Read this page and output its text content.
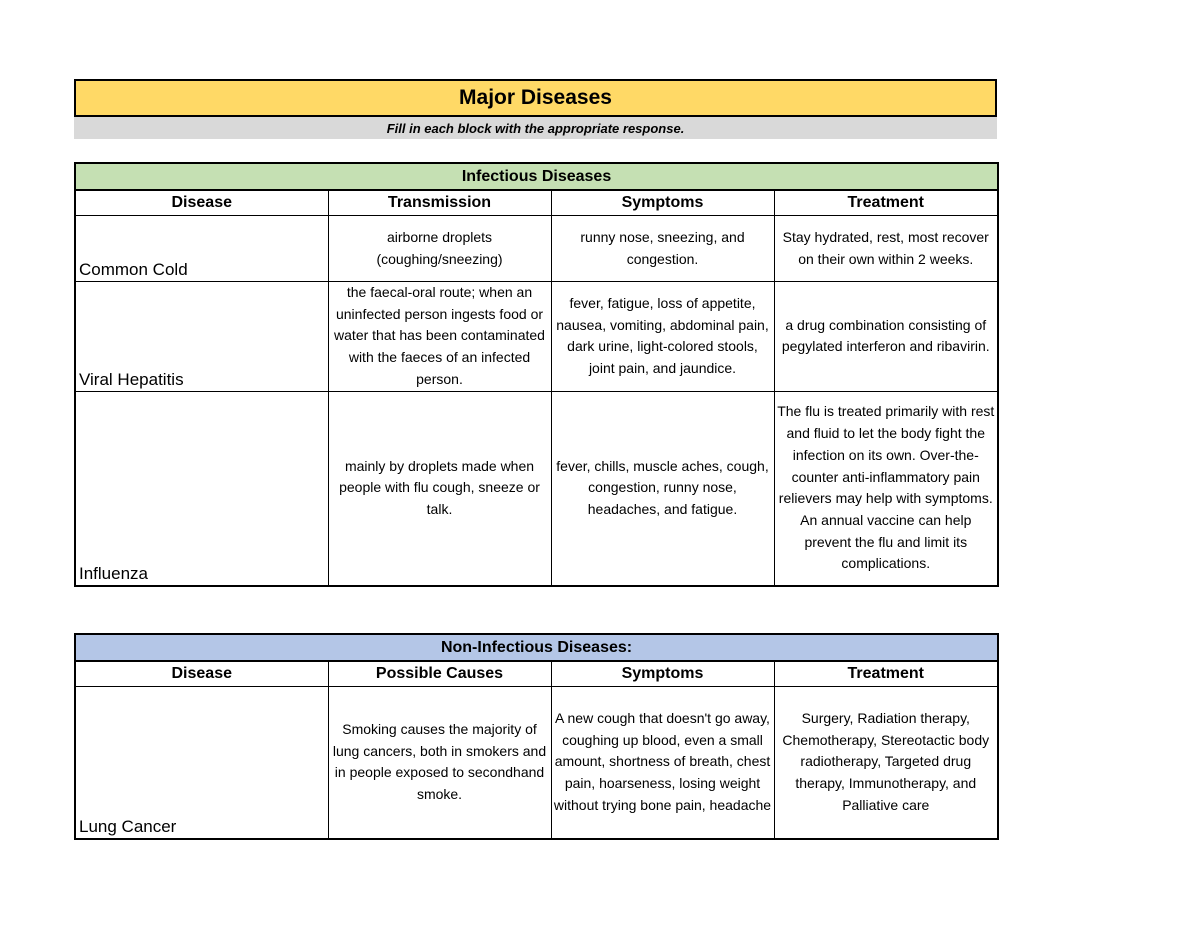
Major Diseases
Fill in each block with the appropriate response.
Infectious Diseases			
Disease	Transmission	Symptoms	Treatment
Common Cold	airborne droplets (coughing/sneezing)	runny nose, sneezing, and congestion.	Stay hydrated, rest, most recover on their own within 2 weeks.
Viral Hepatitis	the faecal-oral route; when an uninfected person ingests food or water that has been contaminated with the faeces of an infected person.	fever, fatigue, loss of appetite, nausea, vomiting, abdominal pain, dark urine, light-colored stools, joint pain, and jaundice.	a drug combination consisting of pegylated interferon and ribavirin.
Influenza	mainly by droplets made when people with flu cough, sneeze or talk.	fever, chills, muscle aches, cough, congestion, runny nose, headaches, and fatigue.	The flu is treated primarily with rest and fluid to let the body fight the infection on its own. Over-the-counter anti-inflammatory pain relievers may help with symptoms. An annual vaccine can help prevent the flu and limit its complications.
Non-Infectious Diseases:			
Disease	Possible Causes	Symptoms	Treatment
Lung Cancer	Smoking causes the majority of lung cancers, both in smokers and in people exposed to secondhand smoke.	A new cough that doesn't go away, coughing up blood, even a small amount, shortness of breath, chest pain, hoarseness, losing weight without trying bone pain, headache	Surgery, Radiation therapy, Chemotherapy, Stereotactic body radiotherapy, Targeted drug therapy, Immunotherapy, and Palliative care
